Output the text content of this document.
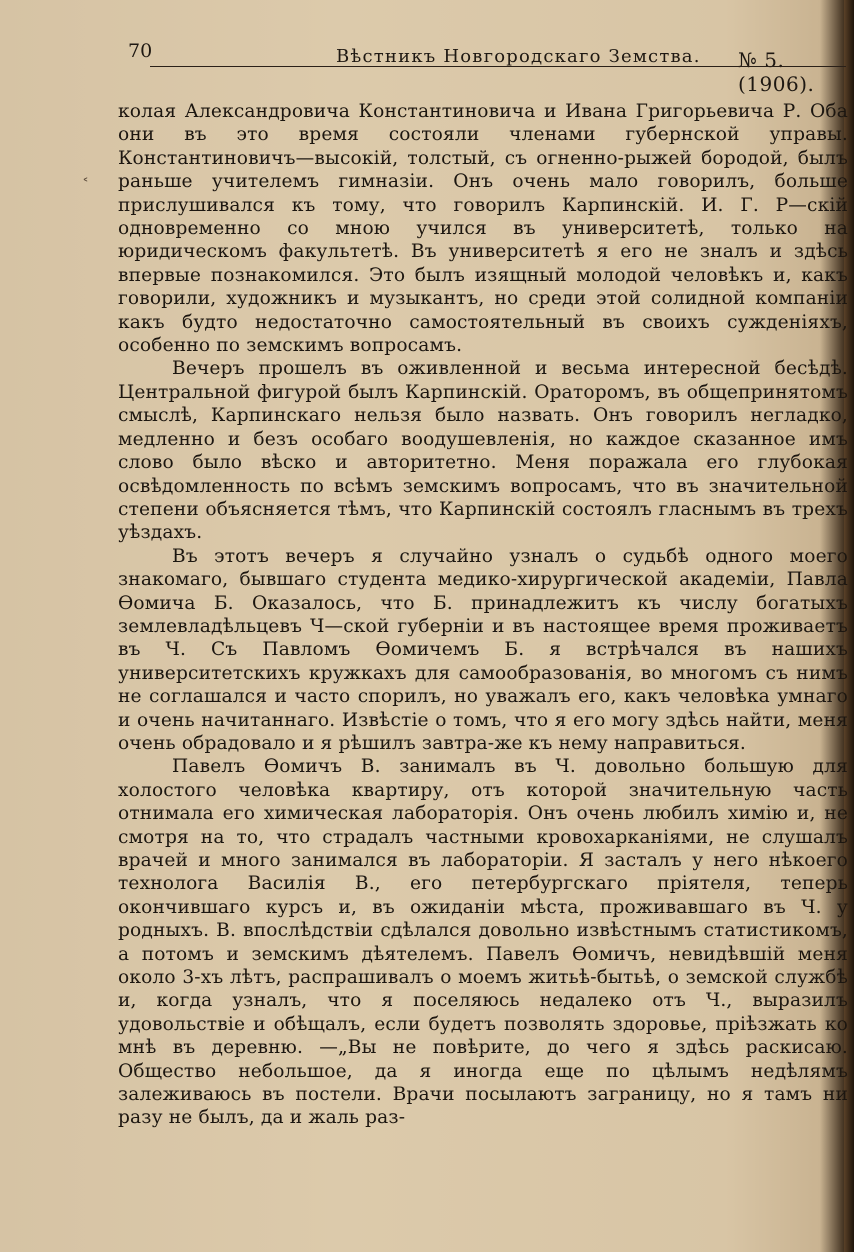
70	Вѣстникъ Новгородскаго Земства. № 5. (1906).
˂

колая Александровича Константиновича и Ивана Григорьевича Р. Оба они въ это время состояли членами губернской управы. Константиновичъ—высокій, толстый, съ огненно-рыжей бородой, былъ раньше учителемъ гимназіи. Онъ очень мало говорилъ, больше прислушивался къ тому, что говорилъ Карпинскій. И. Г. Р—скій одновременно со мною учился въ университетѣ, только на юридическомъ факультетѣ. Въ университетѣ я его не зналъ и здѣсь впервые познакомился. Это былъ изящный молодой человѣкъ и, какъ говорили, художникъ и музыкантъ, но среди этой солидной компаніи какъ будто недостаточно самостоятельный въ своихъ сужденіяхъ, особенно по земскимъ вопросамъ.

Вечеръ прошелъ въ оживленной и весьма интересной бесѣдѣ. Центральной фигурой былъ Карпинскій. Ораторомъ, въ общепринятомъ смыслѣ, Карпинскаго нельзя было назвать. Онъ говорилъ негладко, медленно и безъ особаго воодушевленія, но каждое сказанное имъ слово было вѣско и авторитетно. Меня поражала его глубокая освѣдомленность по всѣмъ земскимъ вопросамъ, что въ значительной степени объясняется тѣмъ, что Карпинскій состоялъ гласнымъ въ трехъ уѣздахъ.

Въ этотъ вечеръ я случайно узналъ о судьбѣ одного моего знакомаго, бывшаго студента медико-хирургической академіи, Павла Ѳомича Б. Оказалось, что Б. принадлежитъ къ числу богатыхъ землевладѣльцевъ Ч—ской губерніи и въ настоящее время проживаетъ въ Ч. Съ Павломъ Ѳомичемъ Б. я встрѣчался въ нашихъ университетскихъ кружкахъ для самообразованія, во многомъ съ нимъ не соглашался и часто спорилъ, но уважалъ его, какъ человѣка умнаго и очень начитаннаго. Извѣстіе о томъ, что я его могу здѣсь найти, меня очень обрадовало и я рѣшилъ завтра-же къ нему направиться.

Павелъ Ѳомичъ В. занималъ въ Ч. довольно большую для холостого человѣка квартиру, отъ которой значительную часть отнимала его химическая лабораторія. Онъ очень любилъ химію и, не смотря на то, что страдалъ частными кровохарканіями, не слушалъ врачей и много занимался въ лабораторіи. Я засталъ у него нѣкоего технолога Василія В., его петербургскаго пріятеля, теперь окончившаго курсъ и, въ ожиданіи мѣста, проживавшаго въ Ч. у родныхъ. В. впослѣдствіи сдѣлался довольно извѣстнымъ статистикомъ, а потомъ и земскимъ дѣятелемъ. Павелъ Ѳомичъ, невидѣвшій меня около 3-хъ лѣтъ, распрашивалъ о моемъ житьѣ-бытьѣ, о земской службѣ и, когда узналъ, что я поселяюсь недалеко отъ Ч., выразилъ удовольствіе и обѣщалъ, если будетъ позволять здоровье, пріѣзжать ко мнѣ въ деревню. —„Вы не повѣрите, до чего я здѣсь раскисаю. Общество небольшое, да я иногда еще по цѣлымъ недѣлямъ залеживаюсь въ постели. Врачи посылаютъ заграницу, но я тамъ ни разу не былъ, да и жаль раз-
